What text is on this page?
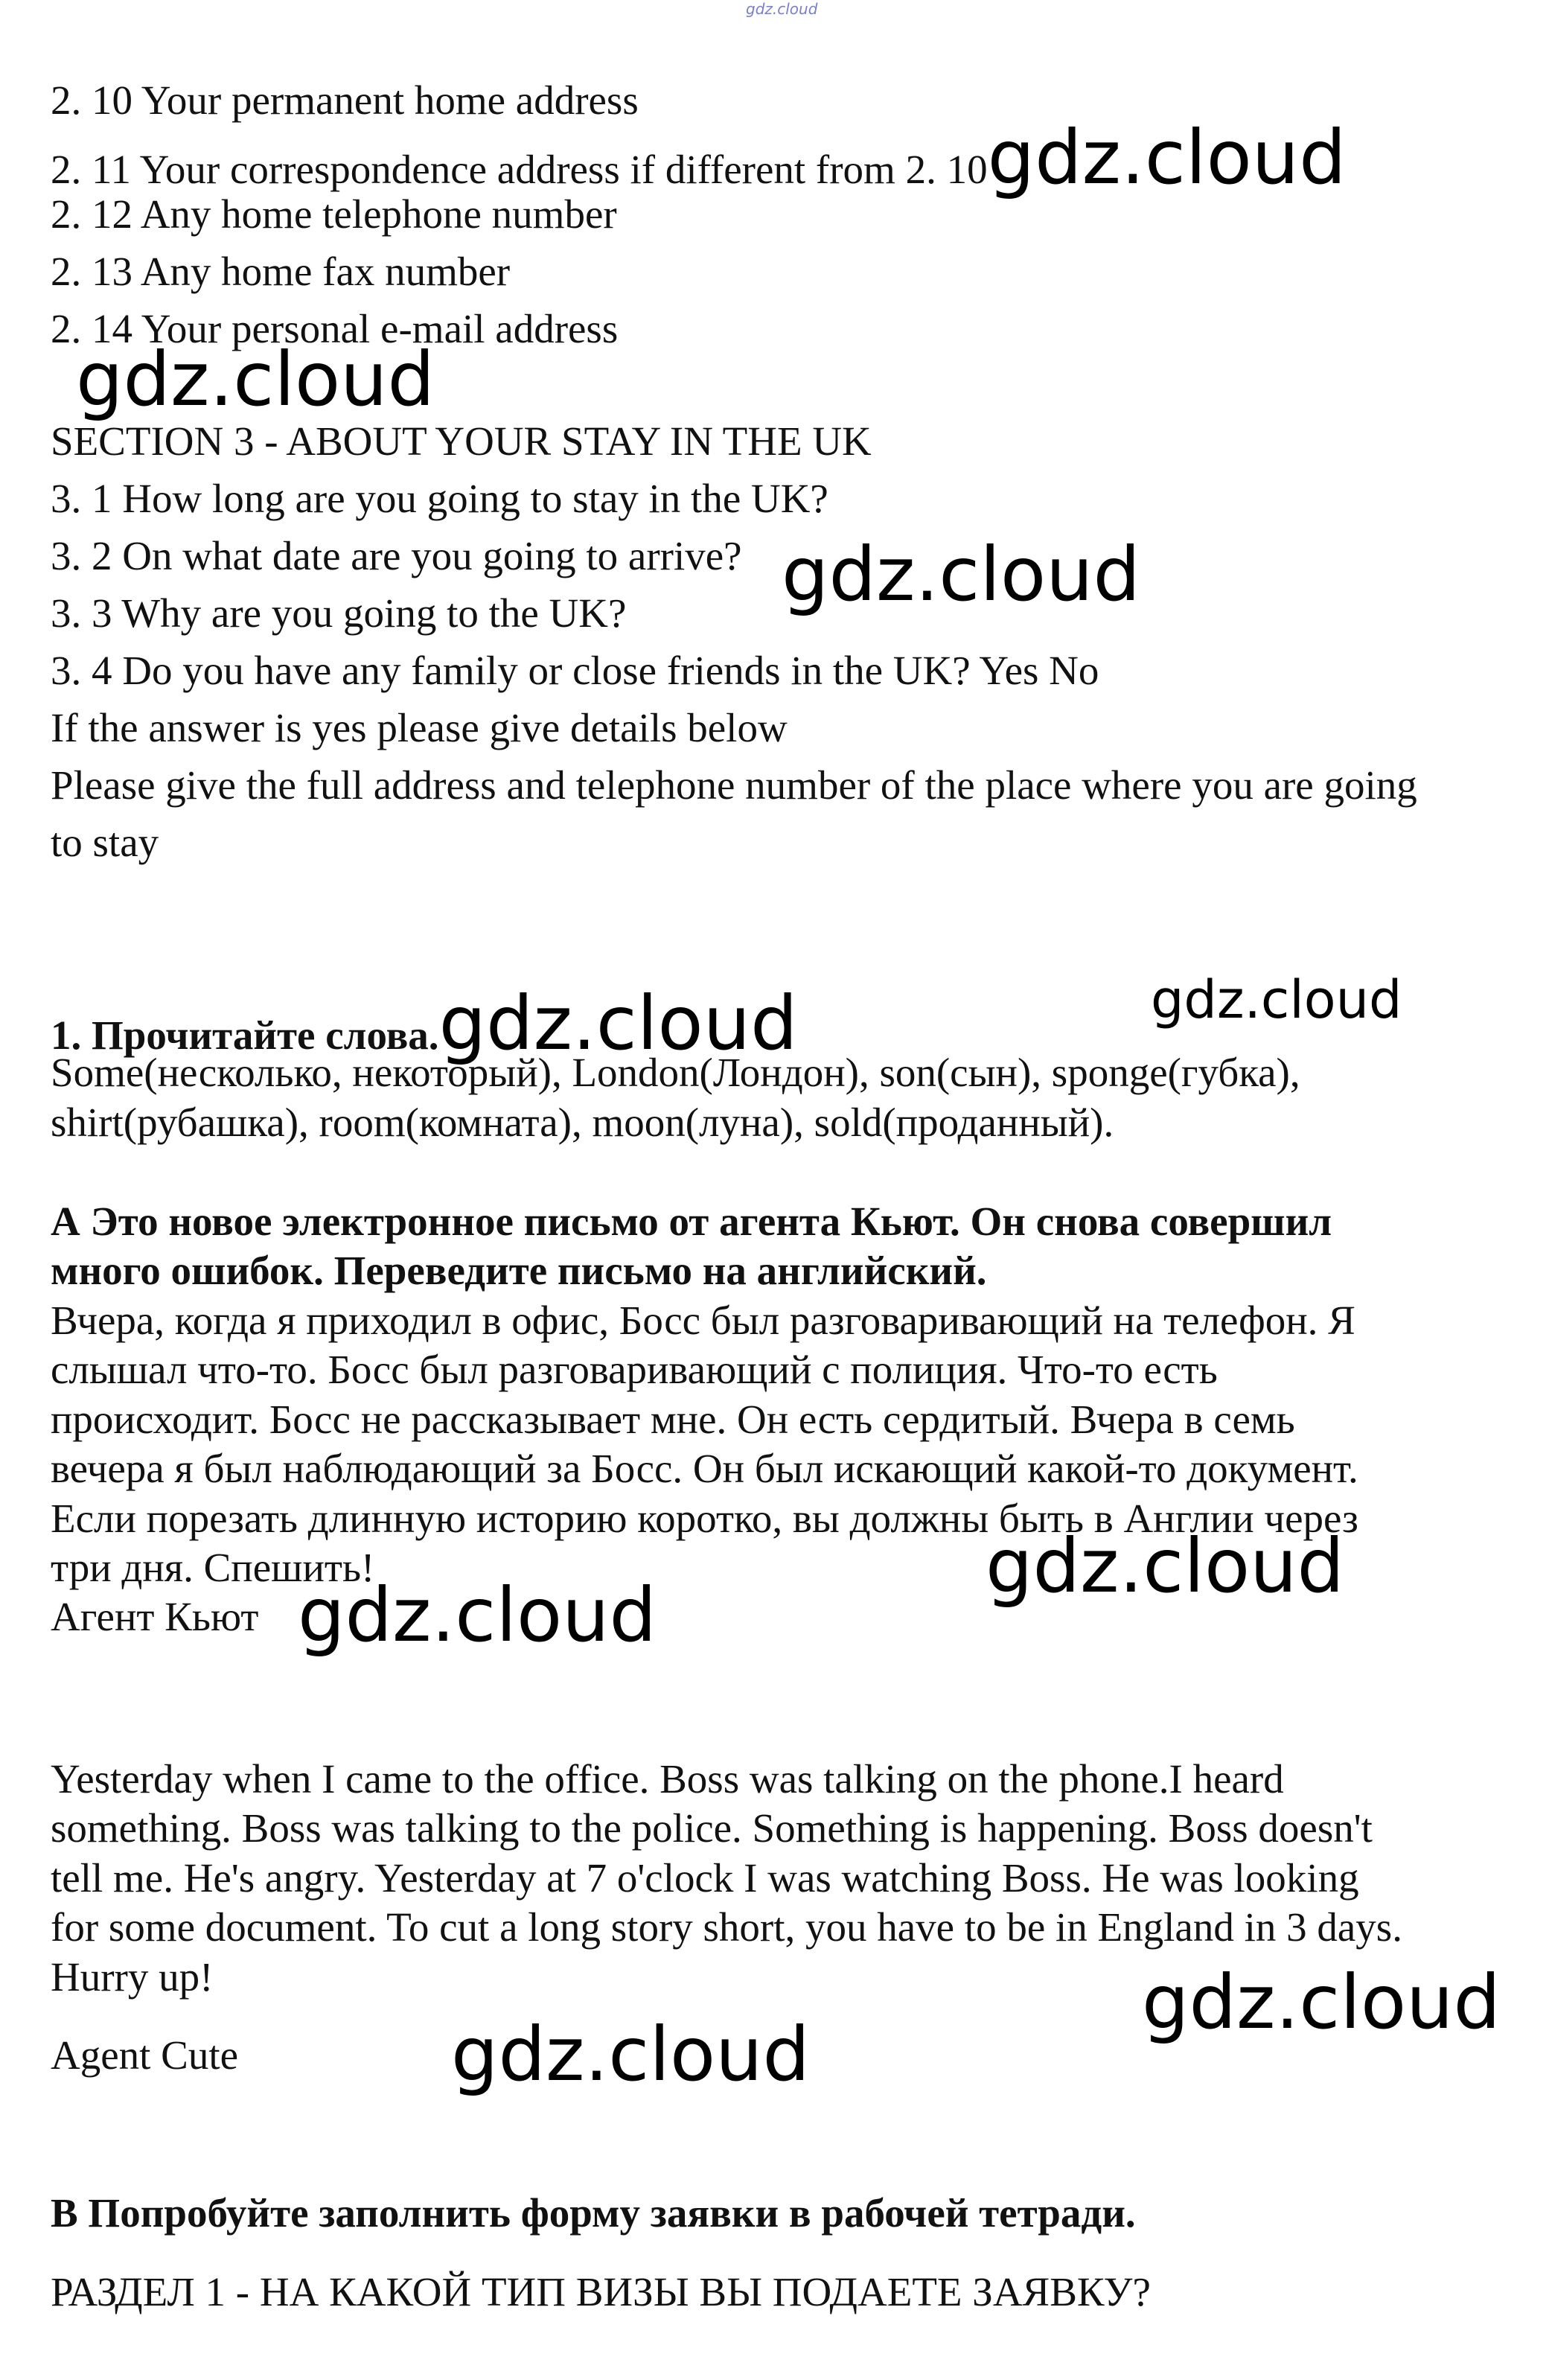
gdz.cloud

2. 10 Your permanent home address

2. 11 Your correspondence address if different from 2. 10gdz.cloud

2. 12 Any home telephone number

2. 13 Any home fax number

2. 14 Your personal e-mail address

gdz.cloud

SECTION 3 - ABOUT YOUR STAY IN THE UK

3. 1 How long are you going to stay in the UK?

3. 2 On what date are you going to arrive? gdz.cloud

3. 3 Why are you going to the UK?

3. 4 Do you have any family or close friends in the UK? Yes No

If the answer is yes please give details below

Please give the full address and telephone number of the place where you are going

to stay

1. Прочитайте слова.gdz.cloud	gdz.cloud

Some(несколько, некоторый), London(Лондон), son(сын), sponge(губка),

shirt(рубашка), room(комната), moon(луна), sold(проданный).

А Это новое электронное письмо от агента Кьют. Он снова совершил

много ошибок. Переведите письмо на английский.

Вчера, когда я приходил в офис, Босс был разговаривающий на телефон. Я

слышал что-то. Босс был разговаривающий с полиция. Что-то есть

происходит. Босс не рассказывает мне. Он есть сердитый. Вчера в семь

вечера я был наблюдающий за Босс. Он был искающий какой-то документ.

Если порезать длинную историю коротко, вы должны быть в Англии через

три дня. Спешить!	gdz.cloud

Агент Кьют gdz.cloud

Yesterday when I came to the office. Boss was talking on the phone.I heard

something. Boss was talking to the police. Something is happening. Boss doesn't

tell me. He's angry. Yesterday at 7 o'clock I was watching Boss. He was looking

for some document. To cut a long story short, you have to be in England in 3 days.

Hurry up!	gdz.cloud

Agent Cute	gdz.cloud

В Попробуйте заполнить форму заявки в рабочей тетради.

РАЗДЕЛ 1 - НА КАКОЙ ТИП ВИЗЫ ВЫ ПОДАЕТЕ ЗАЯВКУ?
